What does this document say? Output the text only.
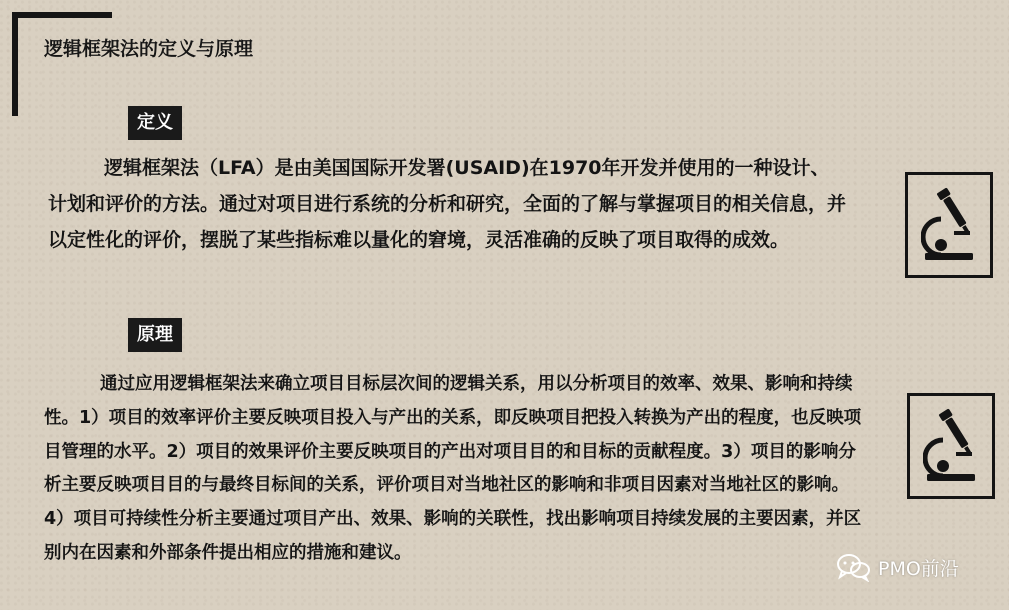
逻辑框架法的定义与原理
定义

逻辑框架法（LFA）是由美国国际开发署(USAID)在1970年开发并使用的一种设计、计划和评价的方法。通过对项目进行系统的分析和研究，全面的了解与掌握项目的相关信息，并以定性化的评价，摆脱了某些指标难以量化的窘境，灵活准确的反映了项目取得的成效。

原理

通过应用逻辑框架法来确立项目目标层次间的逻辑关系，用以分析项目的效率、效果、影响和持续性。1）项目的效率评价主要反映项目投入与产出的关系，即反映项目把投入转换为产出的程度，也反映项目管理的水平。2）项目的效果评价主要反映项目的产出对项目目的和目标的贡献程度。3）项目的影响分析主要反映项目目的与最终目标间的关系，评价项目对当地社区的影响和非项目因素对当地社区的影响。4）项目可持续性分析主要通过项目产出、效果、影响的关联性，找出影响项目持续发展的主要因素，并区别内在因素和外部条件提出相应的措施和建议。

PMO前沿
